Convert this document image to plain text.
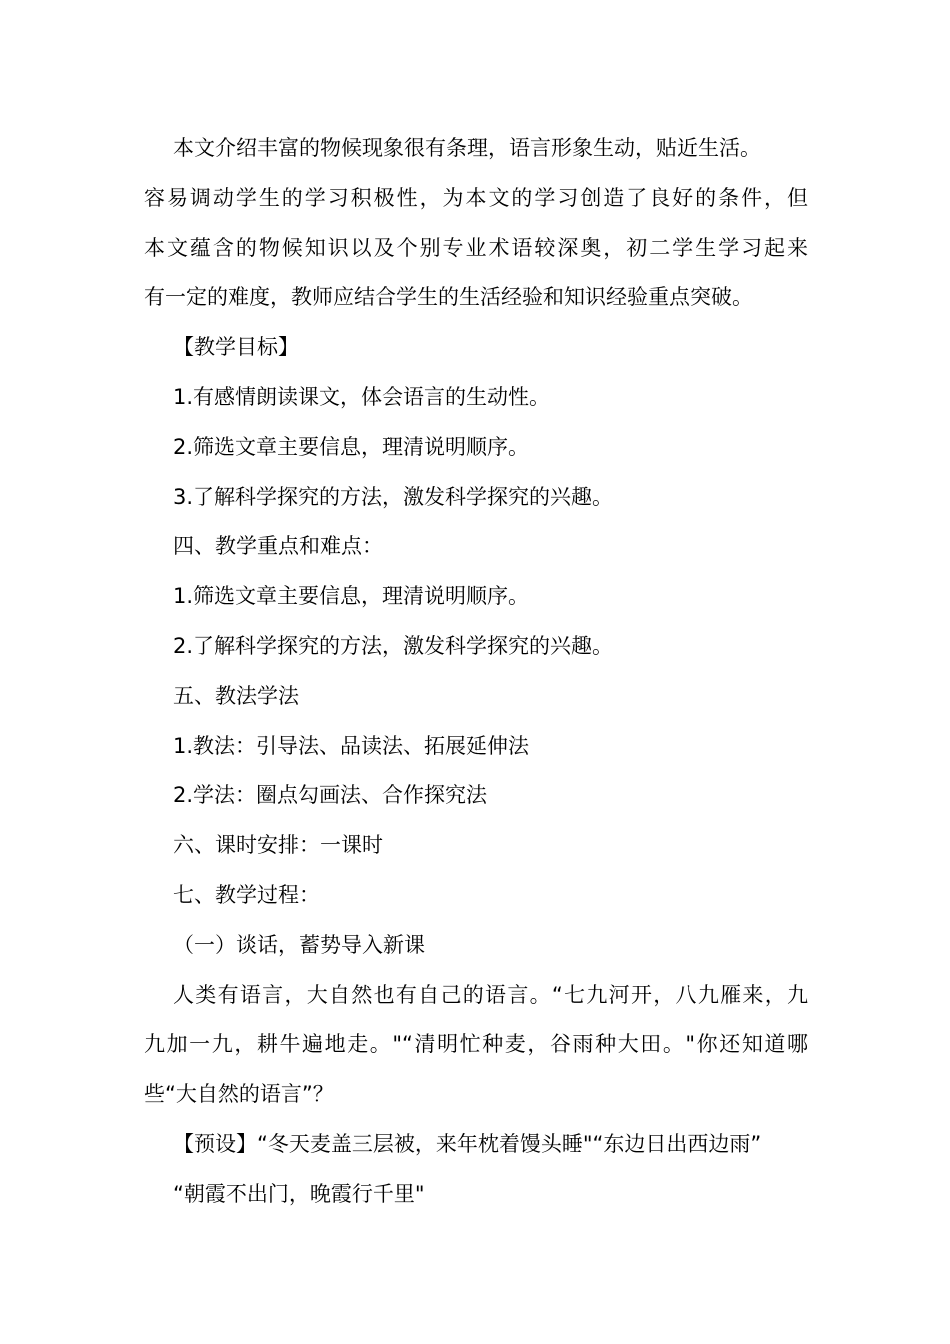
本文介绍丰富的物候现象很有条理，语言形象生动，贴近生活。
容易调动学生的学习积极性，为本文的学习创造了良好的条件，但
本文蕴含的物候知识以及个别专业术语较深奥，初二学生学习起来
有一定的难度，教师应结合学生的生活经验和知识经验重点突破。
【教学目标】
1.有感情朗读课文，体会语言的生动性。
2.筛选文章主要信息，理清说明顺序。
3.了解科学探究的方法，激发科学探究的兴趣。
四、教学重点和难点：
1.筛选文章主要信息，理清说明顺序。
2.了解科学探究的方法，激发科学探究的兴趣。
五、教法学法
1.教法：引导法、品读法、拓展延伸法
2.学法：圈点勾画法、合作探究法
六、课时安排：一课时
七、教学过程：
（一）谈话，蓄势导入新课
人类有语言，大自然也有自己的语言。“七九河开，八九雁来，九
九加一九，耕牛遍地走。"“清明忙种麦，谷雨种大田。"你还知道哪
些“大自然的语言”？
【预设】“冬天麦盖三层被，来年枕着馒头睡"“东边日出西边雨”
“朝霞不出门，晚霞行千里"
